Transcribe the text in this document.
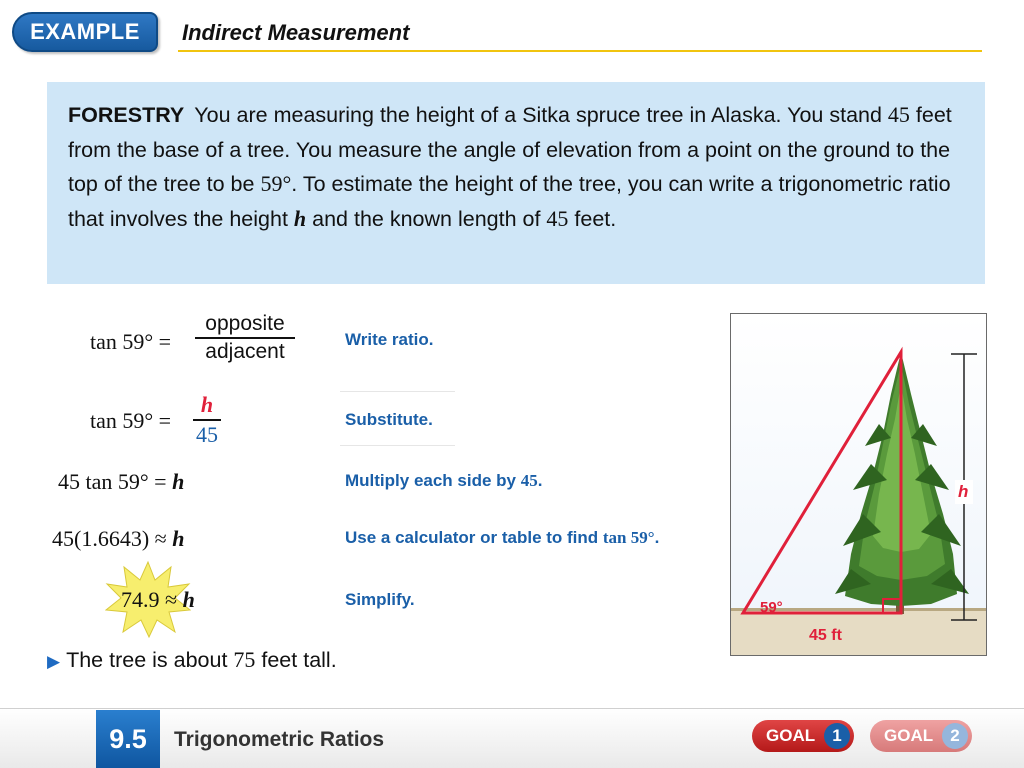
EXAMPLE	Indirect Measurement
FORESTRY You are measuring the height of a Sitka spruce tree in Alaska. You stand 45 feet from the base of a tree. You measure the angle of elevation from a point on the ground to the top of the tree to be 59°. To estimate the height of the tree, you can write a trigonometric ratio that involves the height h and the known length of 45 feet.
tan 59° =
opposite
adjacent	Write ratio.
tan 59° =
h
45
Substitute.
45 tan 59° = h	Multiply each side by 45.
45(1.6643) ≈ h	Use a calculator or table to find tan 59°.
74.9 ≈ h	Simplify.
▶ The tree is about 75 feet tall.
h
59°
45 ft
9.5	Trigonometric Ratios	GOAL	1	GOAL	2
